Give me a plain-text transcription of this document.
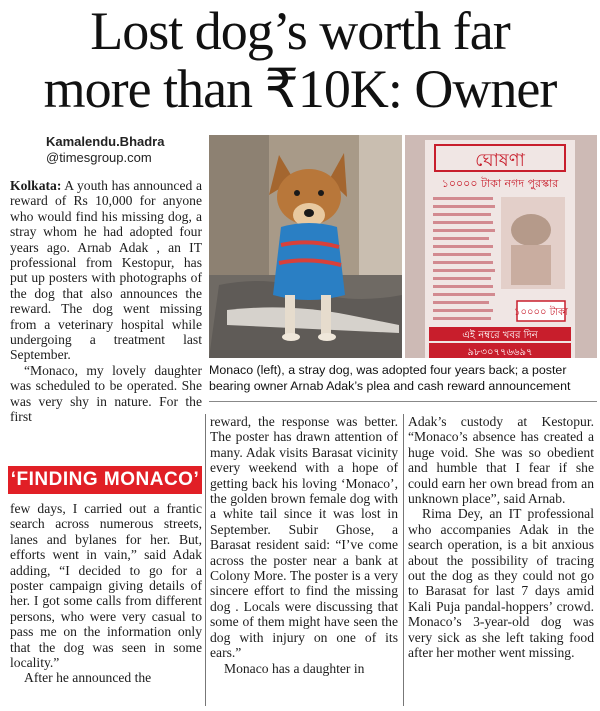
Lost dog’s worth far
more than ₹10K: Owner
Kamalendu.Bhadra
@timesgroup.com

Kolkata: A youth has announced a reward of Rs 10,000 for anyone who would find his missing dog, a stray whom he had adopted four years ago. Arnab Adak , an IT professional from Kestopur, has put up posters with photographs of the dog that also announces the reward. The dog went missing from a veterinary hospital while undergoing a treatment last September.

“Monaco, my lovely daughter was scheduled to be operated. She was very shy in nature. For the first

‘FINDING MONACO’

few days, I carried out a frantic search across numerous streets, lanes and bylanes for her. But, efforts went in vain,” said Adak adding, “I decided to go for a poster campaign giving details of her. I got some calls from different persons, who were very casual to pass me on the information only that the dog was seen in some locality.”

After he announced the

reward, the response was better. The poster has drawn attention of many. Adak visits Barasat vicinity every weekend with a hope of getting back his loving ‘Monaco’, the golden brown female dog with a white tail since it was lost in September. Subir Ghose, a Barasat resident said: “I’ve come across the poster near a bank at Colony More. The poster is a very sincere effort to find the missing dog . Locals were discussing that some of them might have seen the dog with injury on one of its ears.”

Monaco has a daughter in

Adak’s custody at Kestopur. “Monaco’s absence has created a huge void. She was so obedient and humble that I fear if she could earn her own bread from an unknown place”, said Arnab.

Rima Dey, an IT professional who accompanies Adak in the search operation, is a bit anxious about the possibility of tracing out the dog as they could not go to Barasat for last 7 days amid Kali Puja pandal-hoppers’ crowd. Monaco’s 3-year-old dog was very sick as she left taking food after her mother went missing.

ঘোষণা
১০০০০ টাকা নগদ পুরস্কার
১০০০০ টাকা
এই নম্বরে খবর দিন
৯৮৩০৭৭৬৬৯৭
Monaco (left), a stray dog, was adopted four years back; a poster bearing owner Arnab Adak’s plea and cash reward announcement
